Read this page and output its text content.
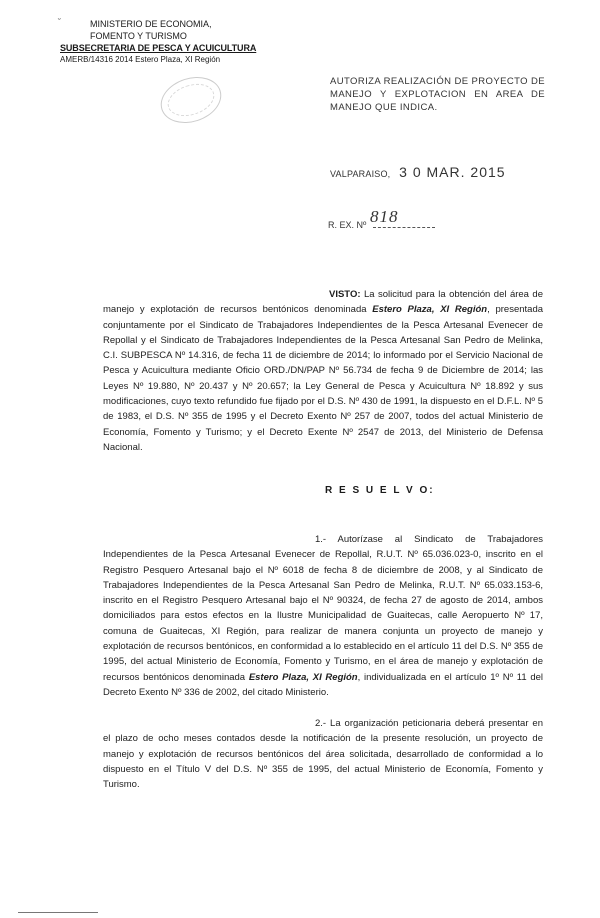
˘	MINISTERIO DE ECONOMIA,
FOMENTO Y TURISMO
SUBSECRETARIA DE PESCA Y ACUICULTURA
AMERB/14316 2014 Estero Plaza, XI Región
AUTORIZA REALIZACIÓN DE PROYECTO DE MANEJO Y EXPLOTACION EN AREA DE MANEJO QUE INDICA.
VALPARAISO, 3 0 MAR. 2015
R. EX. Nº 818
VISTO: La solicitud para la obtención del área de manejo y explotación de recursos bentónicos denominada Estero Plaza, XI Región, presentada conjuntamente por el Sindicato de Trabajadores Independientes de la Pesca Artesanal Evenecer de Repollal y el Sindicato de Trabajadores Independientes de la Pesca Artesanal San Pedro de Melinka, C.I. SUBPESCA Nº 14.316, de fecha 11 de diciembre de 2014; lo informado por el Servicio Nacional de Pesca y Acuicultura mediante Oficio ORD./DN/PAP Nº 56.734 de fecha 9 de Diciembre de 2014; las Leyes Nº 19.880, Nº 20.437 y Nº 20.657; la Ley General de Pesca y Acuicultura Nº 18.892 y sus modificaciones, cuyo texto refundido fue fijado por el D.S. Nº 430 de 1991, la dispuesto en el D.F.L. Nº 5 de 1983, el D.S. Nº 355 de 1995 y el Decreto Exento Nº 257 de 2007, todos del actual Ministerio de Economía, Fomento y Turismo; y el Decreto Exente Nº 2547 de 2013, del Ministerio de Defensa Nacional.
R E S U E L V O:
1.- Autorízase al Sindicato de Trabajadores Independientes de la Pesca Artesanal Evenecer de Repollal, R.U.T. Nº 65.036.023-0, inscrito en el Registro Pesquero Artesanal bajo el Nº 6018 de fecha 8 de diciembre de 2008, y al Sindicato de Trabajadores Independientes de la Pesca Artesanal San Pedro de Melinka, R.U.T. Nº 65.033.153-6, inscrito en el Registro Pesquero Artesanal bajo el Nº 90324, de fecha 27 de agosto de 2014, ambos domiciliados para estos efectos en la Ilustre Municipalidad de Guaitecas, calle Aeropuerto Nº 17, comuna de Guaitecas, XI Región, para realizar de manera conjunta un proyecto de manejo y explotación de recursos bentónicos, en conformidad a lo establecido en el artículo 11 del D.S. Nº 355 de 1995, del actual Ministerio de Economía, Fomento y Turismo, en el área de manejo y explotación de recursos bentónicos denominada Estero Plaza, XI Región, individualizada en el artículo 1º Nº 11 del Decreto Exento Nº 336 de 2002, del citado Ministerio.
2.- La organización peticionaria deberá presentar en el plazo de ocho meses contados desde la notificación de la presente resolución, un proyecto de manejo y explotación de recursos bentónicos del área solicitada, desarrollado de conformidad a lo dispuesto en el Título V del D.S. Nº 355 de 1995, del actual Ministerio de Economía, Fomento y Turismo.
